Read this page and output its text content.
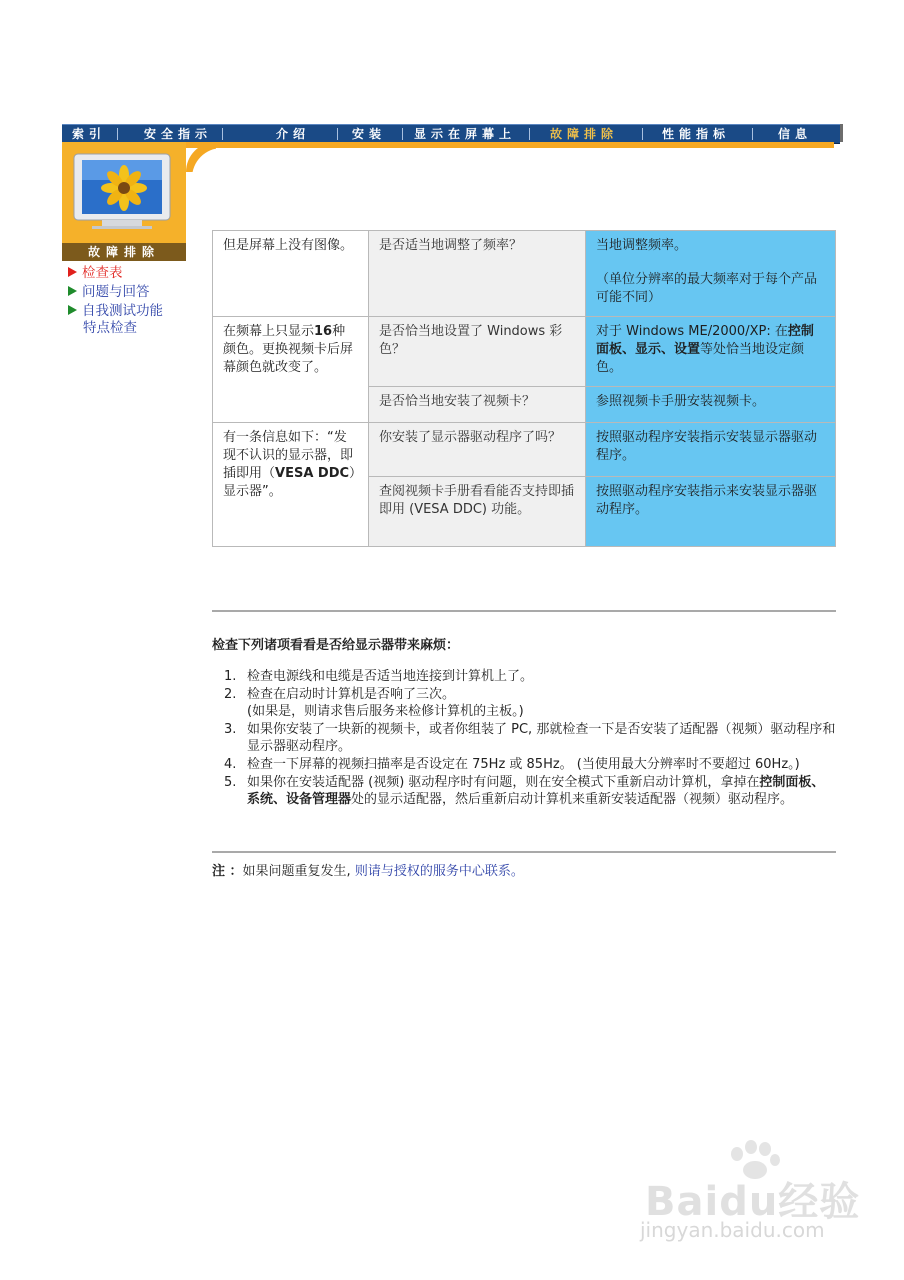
索引	安全指示	介绍	安装 显示在屏幕上	故障排除	性能指标	信息
故障排除
检查表
问题与回答
自我测试功能
特点检查
但是屏幕上没有图像。	是否适当地调整了频率？	当地调整频率。
（单位分辨率的最大频率对于每个产品可能不同）

在频幕上只显示16种颜色。更换视频卡后屏幕颜色就改变了。	是否恰当地设置了 Windows 彩色？	对于 Windows ME/2000/XP: 在控制面板、显示、设置等处恰当地设定颜色。
	是否恰当地安装了视频卡？	参照视频卡手册安装视频卡。
有一条信息如下：“发现不认识的显示器，即插即用（VESA DDC）显示器”。	你安装了显示器驱动程序了吗？	按照驱动程序安装指示安装显示器驱动程序。
	查阅视频卡手册看看能否支持即插即用 (VESA DDC) 功能。	按照驱动程序安装指示来安装显示器驱动程序。
检查下列诸项看看是否给显示器带来麻烦：
1. 检查电源线和电缆是否适当地连接到计算机上了。
2. 检查在启动时计算机是否响了三次。
(如果是，则请求售后服务来检修计算机的主板。)
3. 如果你安装了一块新的视频卡，或者你组装了 PC, 那就检查一下是否安装了适配器（视频）驱动程序和显示器驱动程序。
4. 检查一下屏幕的视频扫描率是否设定在 75Hz 或 85Hz。 (当使用最大分辨率时不要超过 60Hz。)
5. 如果你在安装适配器 (视频) 驱动程序时有问题，则在安全模式下重新启动计算机，拿掉在控制面板、系统、设备管理器处的显示适配器，然后重新启动计算机来重新安装适配器（视频）驱动程序。
注 ：如果问题重复发生, 则请与授权的服务中心联系。
Baidu经验
jingyan.baidu.com
